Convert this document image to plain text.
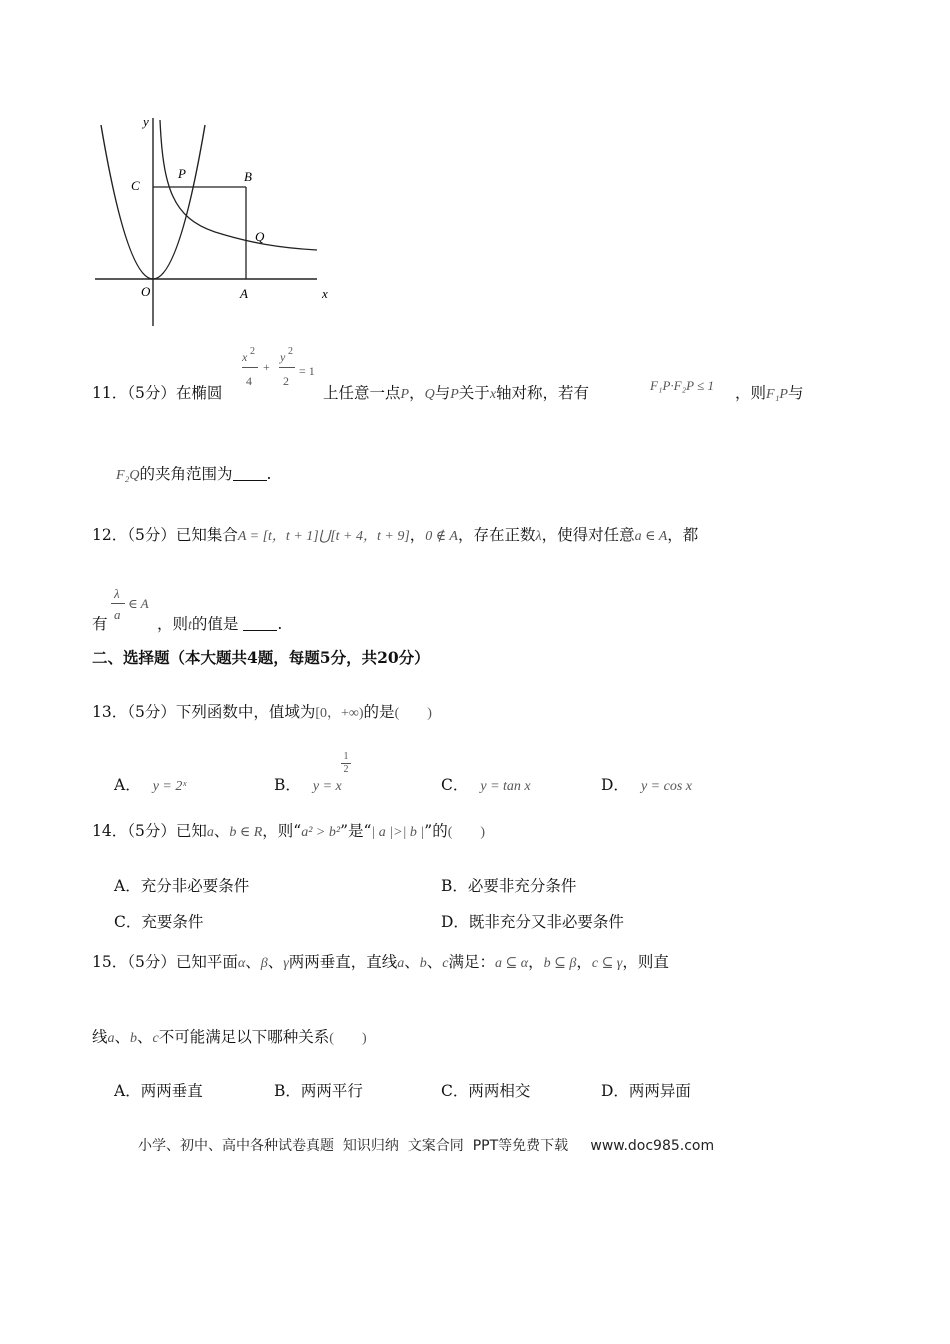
y
x
C
P	B
Q
O	A
x 2
4
+
y 2
2
= 1
11．（5分）在椭圆	上任意一点P，Q与P关于x轴对称，若有	F₁P·F₂P ≤ 1 ，则F₁P与
F₂Q的夹角范围为 .
12．（5分）已知集合A = [t，t + 1]⋃[t + 4，t + 9]，0 ∉ A，存在正数λ，使得对任意a ∈ A，都
有
λ
a
∈ A
，则t的值是	.
二、选择题（本大题共4题，每题5分，共20分）
13．（5分）下列函数中，值域为[0，+∞)的是(　　)
A． y = 2ˣ	B． y = x
1
2
C． y = tan x	D． y = cos x
14．（5分）已知a、b ∈ R，则“a² > b²”是“| a |>| b |”的(　　)
A．充分非必要条件	B．必要非充分条件
C．充要条件	D．既非充分又非必要条件
15．（5分）已知平面α、β、γ两两垂直，直线a、b、c满足：a ⊆ α，b ⊆ β，c ⊆ γ，则直
线a、b、c不可能满足以下哪种关系(　　)
A．两两垂直	B．两两平行	C．两两相交	D．两两异面
小学、初中、高中各种试卷真题  知识归纳  文案合同  PPT等免费下载     www.doc985.com
